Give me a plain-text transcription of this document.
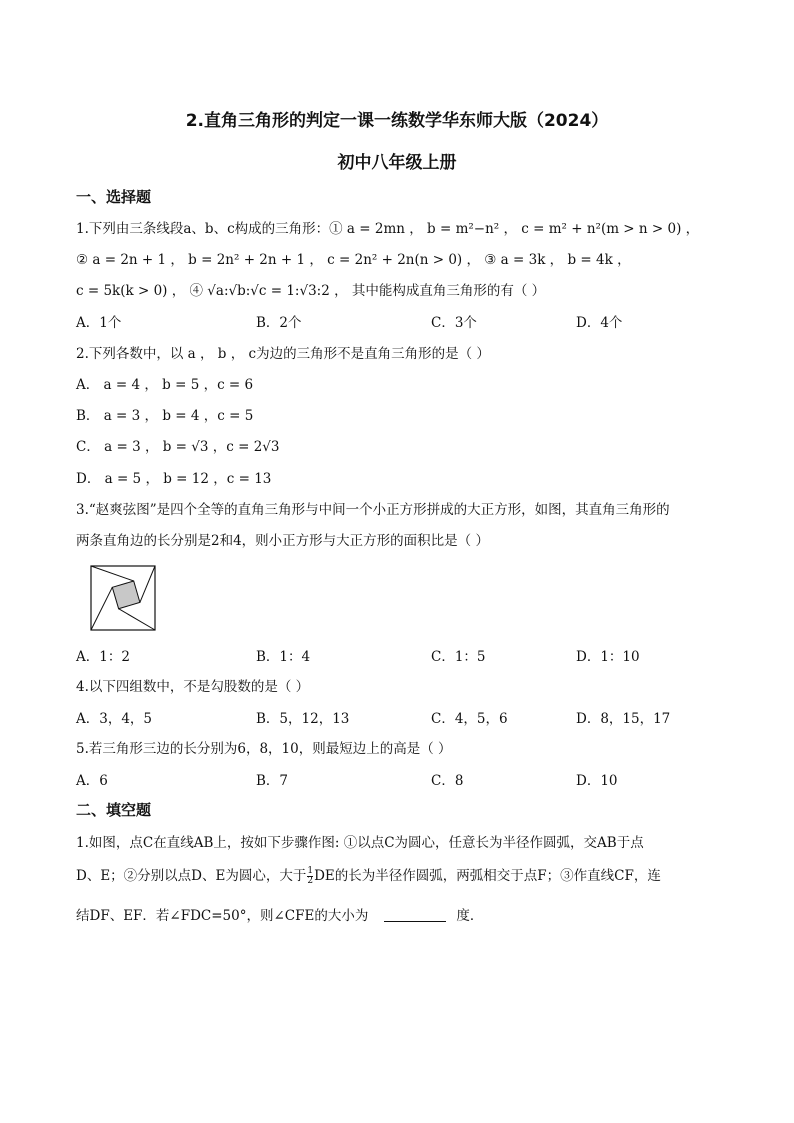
2.直角三角形的判定一课一练数学华东师大版（2024）
初中八年级上册
一、选择题
1.下列由三条线段a、b、c构成的三角形：① a = 2mn ， b = m²−n² ， c = m² + n²(m > n > 0) ，
② a = 2n + 1 ， b = 2n² + 2n + 1 ， c = 2n² + 2n(n > 0) ， ③ a = 3k ， b = 4k ，
c = 5k(k > 0) ， ④ √a:√b:√c = 1:√3:2 ， 其中能构成直角三角形的有（ ）
A．1个	B．2个	C．3个	D．4个
2.下列各数中，以 a ， b ， c为边的三角形不是直角三角形的是（ ）
A． a = 4 ， b = 5 ，c = 6
B． a = 3 ， b = 4 ，c = 5
C． a = 3 ， b = √3 ，c = 2√3
D． a = 5 ， b = 12 ，c = 13
3.“赵爽弦图”是四个全等的直角三角形与中间一个小正方形拼成的大正方形，如图，其直角三角形的
两条直角边的长分别是2和4，则小正方形与大正方形的面积比是（ ）
A．1：2	B．1：4	C．1：5	D．1：10
4.以下四组数中，不是勾股数的是（ ）
A．3，4，5	B．5，12，13	C．4，5，6	D．8，15，17
5.若三角形三边的长分别为6，8，10，则最短边上的高是（ ）
A．6	B．7	C．8	D．10
二、填空题
1.如图，点C在直线AB上，按如下步骤作图: ①以点C为圆心，任意长为半径作圆弧，交AB于点
D、E；②分别以点D、E为圆心，大于 $\frac{1}{2}$ DE的长为半径作圆弧，两弧相交于点F；③作直线CF，连
结DF、EF．若∠FDC=50°，则∠CFE的大小为	度．
